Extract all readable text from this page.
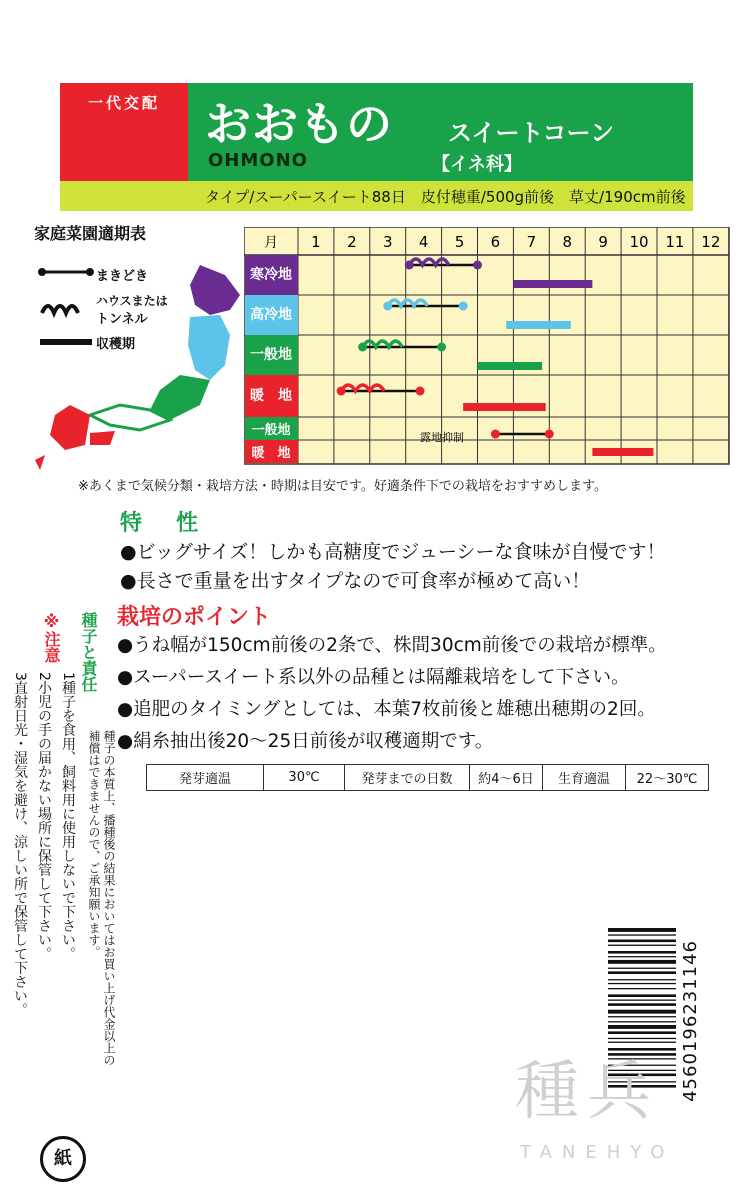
一代交配 おおもの スイートコーン
OHMONO	【イネ科】
タイプ/スーパースイート88日　皮付穂重/500g前後　草丈/190cm前後
家庭菜園適期表
まきどき
ハウスまたは
トンネル
収穫期
月 1 2 3 4 5 6 7 8 9 10 11 12
寒冷地
高冷地
一般地
暖　地
一般地
暖　地
露地抑制
※あくまで気候分類・栽培方法・時期は目安です。好適条件下での栽培をおすすめします。
特　性
●ビッグサイズ！しかも高糖度でジューシーな食味が自慢です！
●長さで重量を出すタイプなので可食率が極めて高い！
栽培のポイント
●うね幅が150cm前後の2条で、株間30cm前後での栽培が標準。
●スーパースイート系以外の品種とは隔離栽培をして下さい。
●追肥のタイミングとしては、本葉7枚前後と雄穂出穂期の2回。
●絹糸抽出後20〜25日前後が収穫適期です。
発芽適温	30℃	発芽までの日数	約4〜6日	生育適温	22〜30℃
※注意
1種子を食用、飼料用に使用しないで下さい。
2小児の手の届かない場所に保管して下さい。
3直射日光・湿気を避け、涼しい所で保管して下さい。
種子と責任
種子の本質上、播種後の結果においてはお買い上げ代金以上の
補償はできませんので、ご承知願います。
紙
4560196231146
種兵
TANEHYO
